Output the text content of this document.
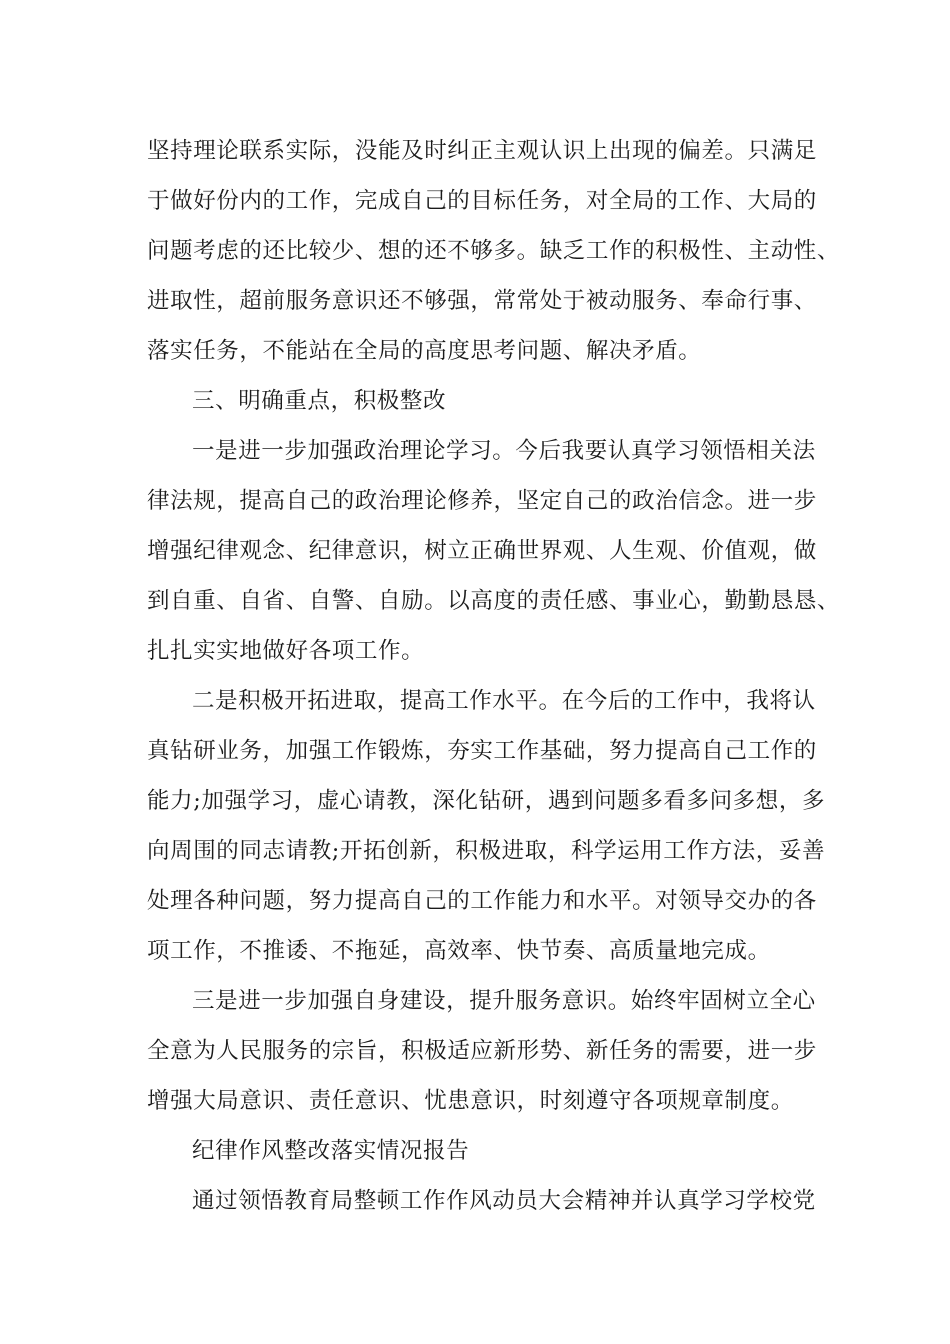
坚持理论联系实际，没能及时纠正主观认识上出现的偏差。只满足
于做好份内的工作，完成自己的目标任务，对全局的工作、大局的
问题考虑的还比较少、想的还不够多。缺乏工作的积极性、主动性、
进取性，超前服务意识还不够强，常常处于被动服务、奉命行事、
落实任务，不能站在全局的高度思考问题、解决矛盾。
三、明确重点，积极整改
一是进一步加强政治理论学习。今后我要认真学习领悟相关法
律法规，提高自己的政治理论修养，坚定自己的政治信念。进一步
增强纪律观念、纪律意识，树立正确世界观、人生观、价值观，做
到自重、自省、自警、自励。以高度的责任感、事业心，勤勤恳恳、
扎扎实实地做好各项工作。
二是积极开拓进取，提高工作水平。在今后的工作中，我将认
真钻研业务，加强工作锻炼，夯实工作基础，努力提高自己工作的
能力;加强学习，虚心请教，深化钻研，遇到问题多看多问多想，多
向周围的同志请教;开拓创新，积极进取，科学运用工作方法，妥善
处理各种问题，努力提高自己的工作能力和水平。对领导交办的各
项工作，不推诿、不拖延，高效率、快节奏、高质量地完成。
三是进一步加强自身建设，提升服务意识。始终牢固树立全心
全意为人民服务的宗旨，积极适应新形势、新任务的需要，进一步
增强大局意识、责任意识、忧患意识，时刻遵守各项规章制度。
纪律作风整改落实情况报告
通过领悟教育局整顿工作作风动员大会精神并认真学习学校党
